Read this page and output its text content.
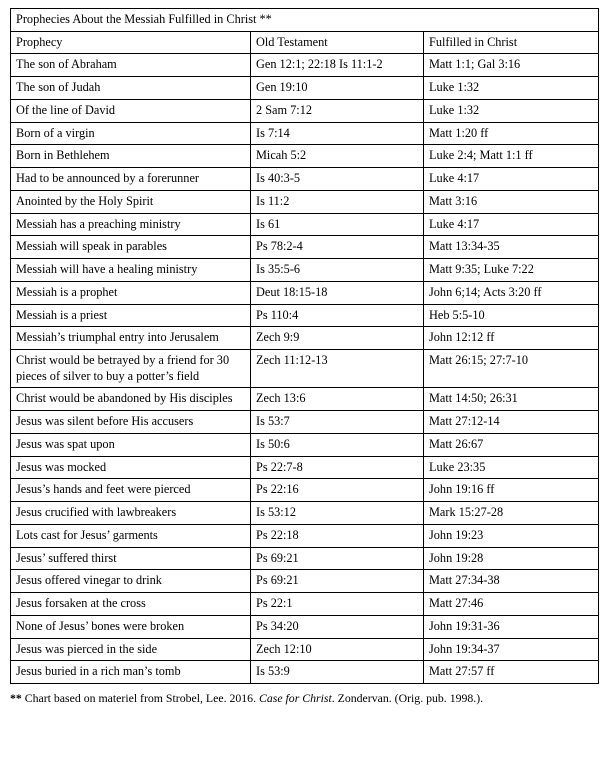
Prophecies About the Messiah Fulfilled in Christ **		
Prophecy	Old Testament	Fulfilled in Christ
The son of Abraham	Gen 12:1; 22:18 Is 11:1-2	Matt 1:1; Gal 3:16
The son of Judah	Gen 19:10	Luke 1:32
Of the line of David	2 Sam 7:12	Luke 1:32
Born of a virgin	Is 7:14	Matt 1:20 ff
Born in Bethlehem	Micah 5:2	Luke 2:4; Matt 1:1 ff
Had to be announced by a forerunner	Is 40:3-5	Luke 4:17
Anointed by the Holy Spirit	Is 11:2	Matt 3:16
Messiah has a preaching ministry	Is 61	Luke 4:17
Messiah will speak in parables	Ps 78:2-4	Matt 13:34-35
Messiah will have a healing ministry	Is 35:5-6	Matt 9:35; Luke 7:22
Messiah is a prophet	Deut 18:15-18	John 6;14; Acts 3:20 ff
Messiah is a priest	Ps 110:4	Heb 5:5-10
Messiah’s triumphal entry into Jerusalem	Zech 9:9	John 12:12 ff
Christ would be betrayed by a friend for 30 pieces of silver to buy a potter’s field	Zech 11:12-13	Matt 26:15; 27:7-10
Christ would be abandoned by His disciples	Zech 13:6	Matt 14:50; 26:31
Jesus was silent before His accusers	Is 53:7	Matt 27:12-14
Jesus was spat upon	Is 50:6	Matt 26:67
Jesus was mocked	Ps 22:7-8	Luke 23:35
Jesus’s hands and feet were pierced	Ps 22:16	John 19:16 ff
Jesus crucified with lawbreakers	Is 53:12	Mark 15:27-28
Lots cast for Jesus’ garments	Ps 22:18	John 19:23
Jesus’ suffered thirst	Ps 69:21	John 19:28
Jesus offered vinegar to drink	Ps 69:21	Matt 27:34-38
Jesus forsaken at the cross	Ps 22:1	Matt 27:46
None of Jesus’ bones were broken	Ps 34:20	John 19:31-36
Jesus was pierced in the side	Zech 12:10	John 19:34-37
Jesus buried in a rich man’s tomb	Is 53:9	Matt 27:57 ff
** Chart based on materiel from Strobel, Lee. 2016. Case for Christ. Zondervan. (Orig. pub. 1998.).
